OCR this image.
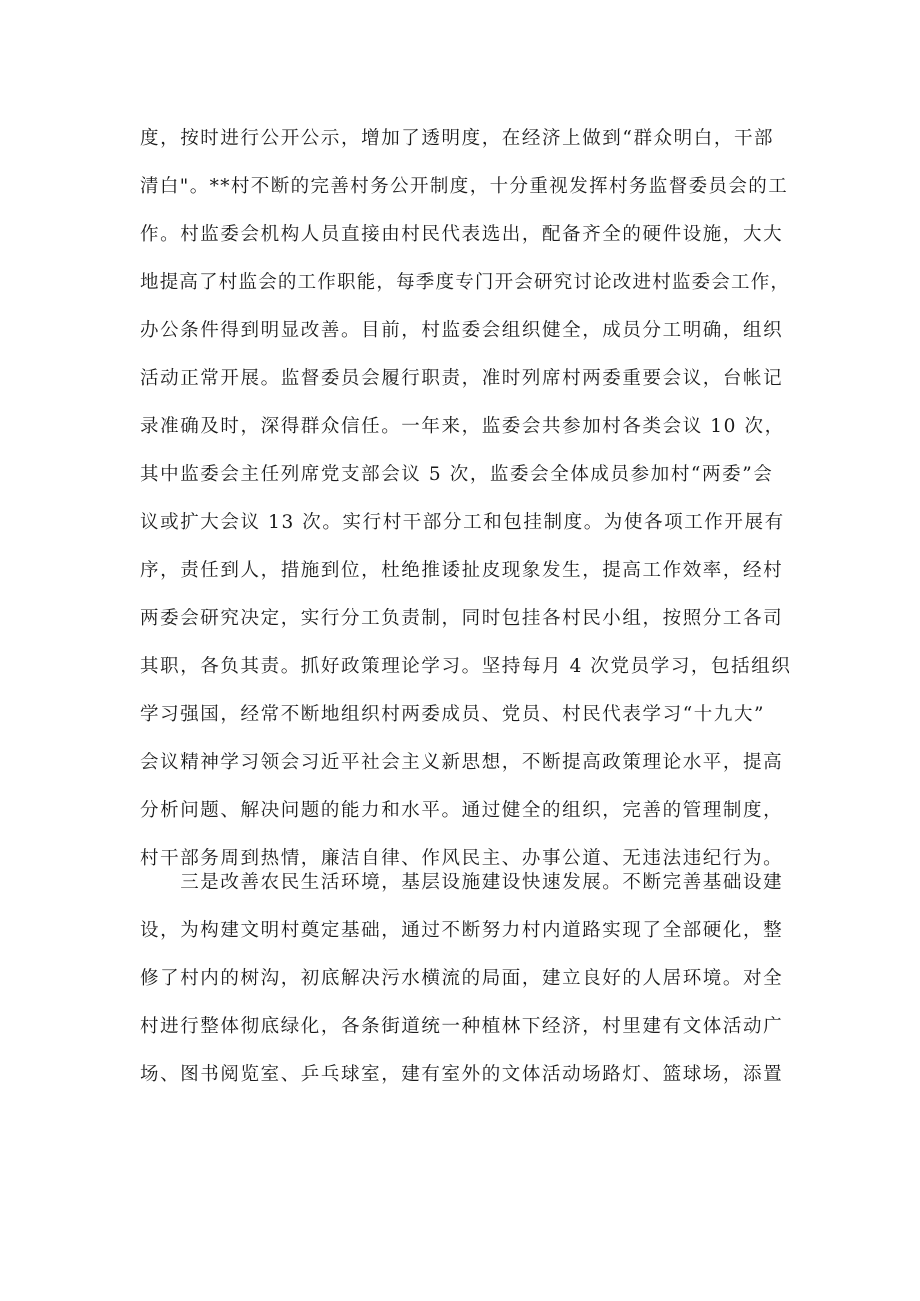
度，按时进行公开公示，增加了透明度，在经济上做到“群众明白，干部
清白"。**村不断的完善村务公开制度，十分重视发挥村务监督委员会的工
作。村监委会机构人员直接由村民代表选出，配备齐全的硬件设施，大大
地提高了村监会的工作职能，每季度专门开会研究讨论改进村监委会工作，
办公条件得到明显改善。目前，村监委会组织健全，成员分工明确，组织
活动正常开展。监督委员会履行职责，准时列席村两委重要会议，台帐记
录准确及时，深得群众信任。一年来，监委会共参加村各类会议 10 次，
其中监委会主任列席党支部会议 5 次，监委会全体成员参加村“两委”会
议或扩大会议 13 次。实行村干部分工和包挂制度。为使各项工作开展有
序，责任到人，措施到位，杜绝推诿扯皮现象发生，提高工作效率，经村
两委会研究决定，实行分工负责制，同时包挂各村民小组，按照分工各司
其职，各负其责。抓好政策理论学习。坚持每月 4 次党员学习，包括组织
学习强国，经常不断地组织村两委成员、党员、村民代表学习“十九大”
会议精神学习领会习近平社会主义新思想，不断提高政策理论水平，提高
分析问题、解决问题的能力和水平。通过健全的组织，完善的管理制度，
村干部务周到热情，廉洁自律、作风民主、办事公道、无违法违纪行为。
　　三是改善农民生活环境，基层设施建设快速发展。不断完善基础设建
设，为构建文明村奠定基础，通过不断努力村内道路实现了全部硬化，整
修了村内的树沟，初底解决污水横流的局面，建立良好的人居环境。对全
村进行整体彻底绿化，各条街道统一种植林下经济，村里建有文体活动广
场、图书阅览室、乒乓球室，建有室外的文体活动场路灯、篮球场，添置
